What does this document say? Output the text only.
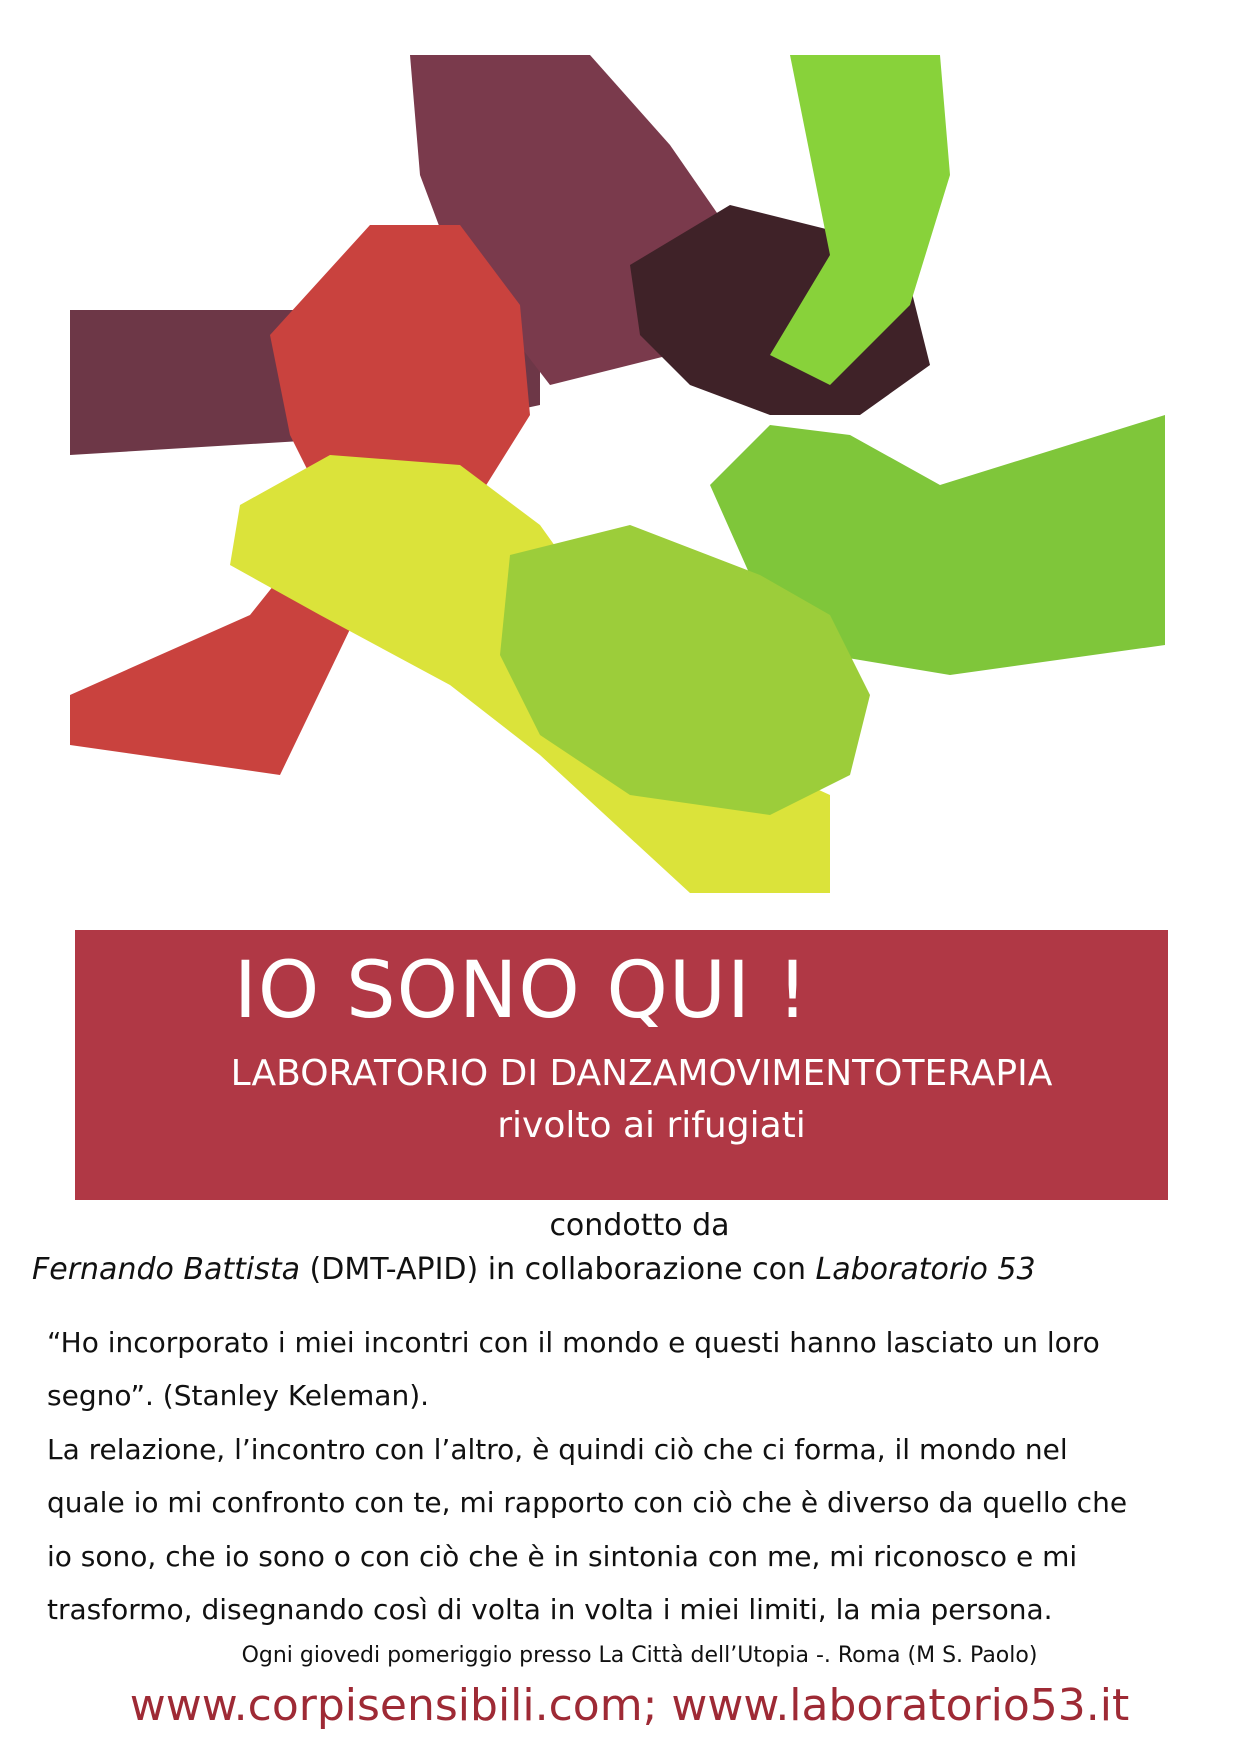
IO SONO QUI !
LABORATORIO DI DANZAMOVIMENTOTERAPIA
rivolto ai rifugiati
condotto da
Fernando Battista (DMT-APID) in collaborazione con Laboratorio 53

“Ho incorporato i miei incontri con il mondo e questi hanno lasciato un loro

segno”. (Stanley Keleman).

La relazione, l’incontro con l’altro, è quindi ciò che ci forma, il mondo nel

quale io mi confronto con te, mi rapporto con ciò che è diverso da quello che

io sono, che io sono o con ciò che è in sintonia con me, mi riconosco e mi

trasformo, disegnando così di volta in volta i miei limiti, la mia persona.

Ogni giovedi pomeriggio presso La Città dell’Utopia -. Roma (M S. Paolo)
www.corpisensibili.com; www.laboratorio53.it
